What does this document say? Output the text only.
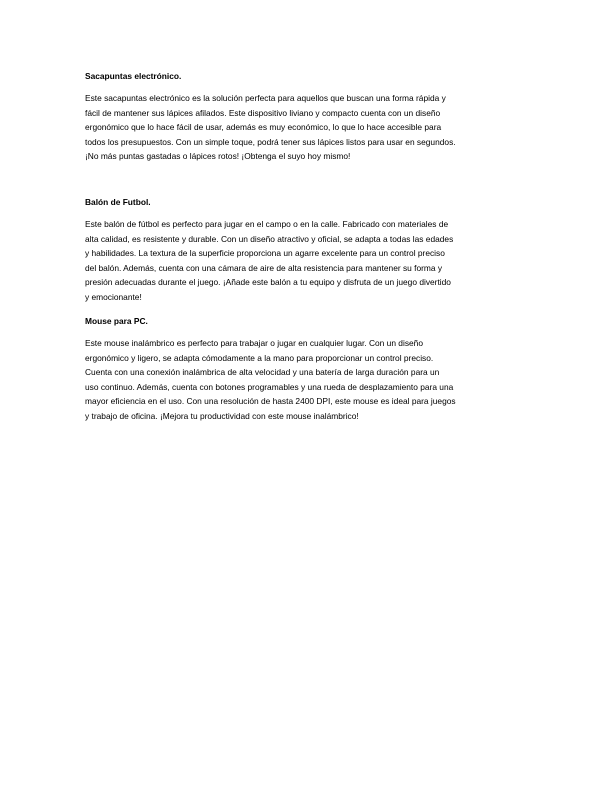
Sacapuntas electrónico.

Este sacapuntas electrónico es la solución perfecta para aquellos que buscan una forma rápida y
fácil de mantener sus lápices afilados. Este dispositivo liviano y compacto cuenta con un diseño
ergonómico que lo hace fácil de usar, además es muy económico, lo que lo hace accesible para
todos los presupuestos. Con un simple toque, podrá tener sus lápices listos para usar en segundos.
¡No más puntas gastadas o lápices rotos! ¡Obtenga el suyo hoy mismo!

Balón de Futbol.

Este balón de fútbol es perfecto para jugar en el campo o en la calle. Fabricado con materiales de
alta calidad, es resistente y durable. Con un diseño atractivo y oficial, se adapta a todas las edades
y habilidades. La textura de la superficie proporciona un agarre excelente para un control preciso
del balón. Además, cuenta con una cámara de aire de alta resistencia para mantener su forma y
presión adecuadas durante el juego. ¡Añade este balón a tu equipo y disfruta de un juego divertido
y emocionante!

Mouse para PC.

Este mouse inalámbrico es perfecto para trabajar o jugar en cualquier lugar. Con un diseño
ergonómico y ligero, se adapta cómodamente a la mano para proporcionar un control preciso.
Cuenta con una conexión inalámbrica de alta velocidad y una batería de larga duración para un
uso continuo. Además, cuenta con botones programables y una rueda de desplazamiento para una
mayor eficiencia en el uso. Con una resolución de hasta 2400 DPI, este mouse es ideal para juegos
y trabajo de oficina. ¡Mejora tu productividad con este mouse inalámbrico!
